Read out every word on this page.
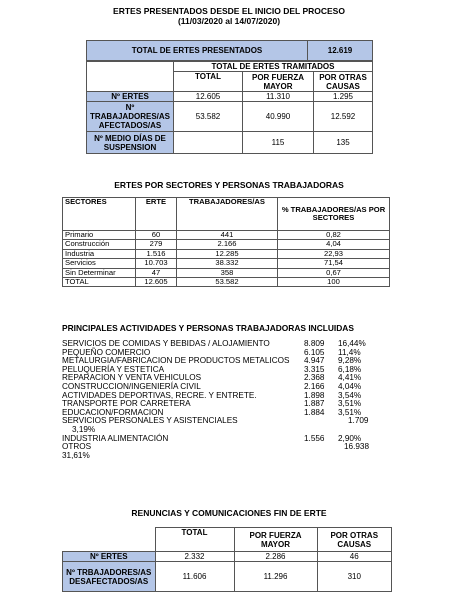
ERTES PRESENTADOS DESDE EL INICIO DEL PROCESO
(11/03/2020 al 14/07/2020)
TOTAL DE ERTES PRESENTADOS	12.619
	TOTAL DE ERTES TRAMITADOS		
	TOTAL	POR FUERZA MAYOR	POR OTRAS CAUSAS
Nº ERTES	12.605	11.310	1.295
Nº TRABAJADORES/AS AFECTADOS/AS	53.582	40.990	12.592
Nº MEDIO DÍAS DE SUSPENSION		115	135
ERTES POR SECTORES Y PERSONAS TRABAJADORAS
SECTORES	ERTE	TRABAJADORES/AS	% TRABAJADORES/AS POR SECTORES
Primario	60	441	0,82
Construcción	279	2.166	4,04
Industria	1.516	12.285	22,93
Servicios	10.703	38.332	71,54
Sin Determinar	47	358	0,67
TOTAL	12.605	53.582	100
PRINCIPALES ACTIVIDADES Y PERSONAS TRABAJADORAS INCLUIDAS
SERVICIOS DE COMIDAS Y BEBIDAS / ALOJAMIENTO	8.809 16,44%
PEQUEÑO COMERCIO	6.105 11,4%
METALURGIA/FABRICACION DE PRODUCTOS METALICOS 4.947 9,28%
PELUQUERÍA Y ESTETICA	3.315 6,18%
REPARACION Y VENTA VEHICULOS	2.368 4,41%
CONSTRUCCION/INGENIERÍA CIVIL	2.166 4,04%
ACTIVIDADES DEPORTIVAS, RECRE. Y ENTRETE.	1.898 3,54%
TRANSPORTE POR CARRETERA	1.887 3,51%
EDUCACION/FORMACION	1.884 3,51%
SERVICIOS PERSONALES Y ASISTENCIALES	1.709
3,19%
INDUSTRIA ALIMENTACIÓN	1.556 2,90%
OTROS	16.938
31,61%
RENUNCIAS Y COMUNICACIONES FIN DE ERTE
	TOTAL	POR FUERZA MAYOR	POR OTRAS CAUSAS
Nº ERTES	2.332	2.286	46
Nº TRBAJADORES/AS DESAFECTADOS/AS	11.606	11.296	310
